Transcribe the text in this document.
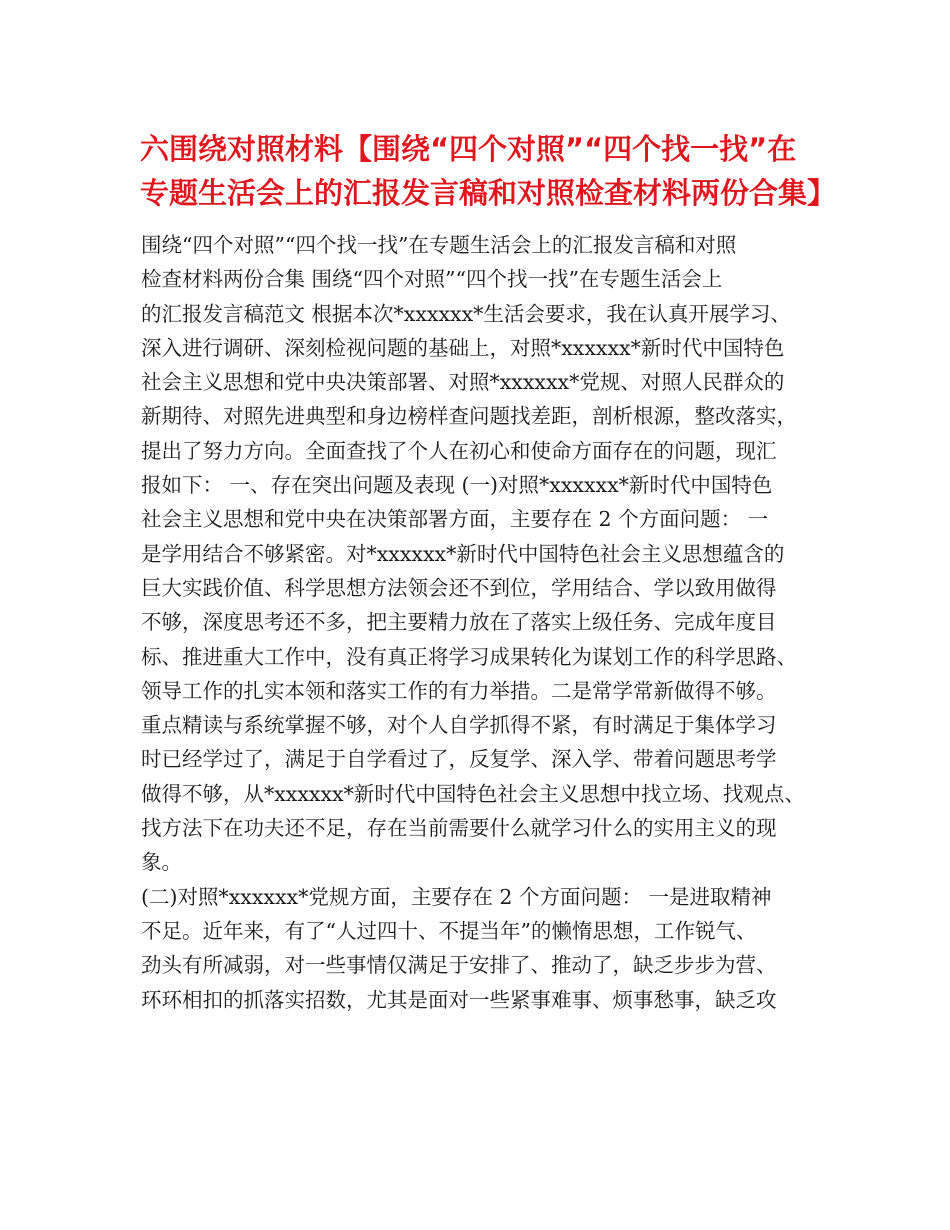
六围绕对照材料【围绕“四个对照”“四个找一找”在
专题生活会上的汇报发言稿和对照检查材料两份合集】
围绕“四个对照”“四个找一找”在专题生活会上的汇报发言稿和对照
检查材料两份合集 围绕“四个对照”“四个找一找”在专题生活会上
的汇报发言稿范文 根据本次*xxxxxx*生活会要求，我在认真开展学习、
深入进行调研、深刻检视问题的基础上，对照*xxxxxx*新时代中国特色
社会主义思想和党中央决策部署、对照*xxxxxx*党规、对照人民群众的
新期待、对照先进典型和身边榜样查问题找差距，剖析根源，整改落实，
提出了努力方向。全面查找了个人在初心和使命方面存在的问题，现汇
报如下： 一、存在突出问题及表现 (一)对照*xxxxxx*新时代中国特色
社会主义思想和党中央在决策部署方面，主要存在 2 个方面问题： 一
是学用结合不够紧密。对*xxxxxx*新时代中国特色社会主义思想蕴含的
巨大实践价值、科学思想方法领会还不到位，学用结合、学以致用做得
不够，深度思考还不多，把主要精力放在了落实上级任务、完成年度目
标、推进重大工作中，没有真正将学习成果转化为谋划工作的科学思路、
领导工作的扎实本领和落实工作的有力举措。二是常学常新做得不够。
重点精读与系统掌握不够，对个人自学抓得不紧，有时满足于集体学习
时已经学过了，满足于自学看过了，反复学、深入学、带着问题思考学
做得不够，从*xxxxxx*新时代中国特色社会主义思想中找立场、找观点、
找方法下在功夫还不足，存在当前需要什么就学习什么的实用主义的现
象。
(二)对照*xxxxxx*党规方面，主要存在 2 个方面问题： 一是进取精神
不足。近年来，有了“人过四十、不提当年”的懒惰思想，工作锐气、
劲头有所减弱，对一些事情仅满足于安排了、推动了，缺乏步步为营、
环环相扣的抓落实招数，尤其是面对一些紧事难事、烦事愁事，缺乏攻
